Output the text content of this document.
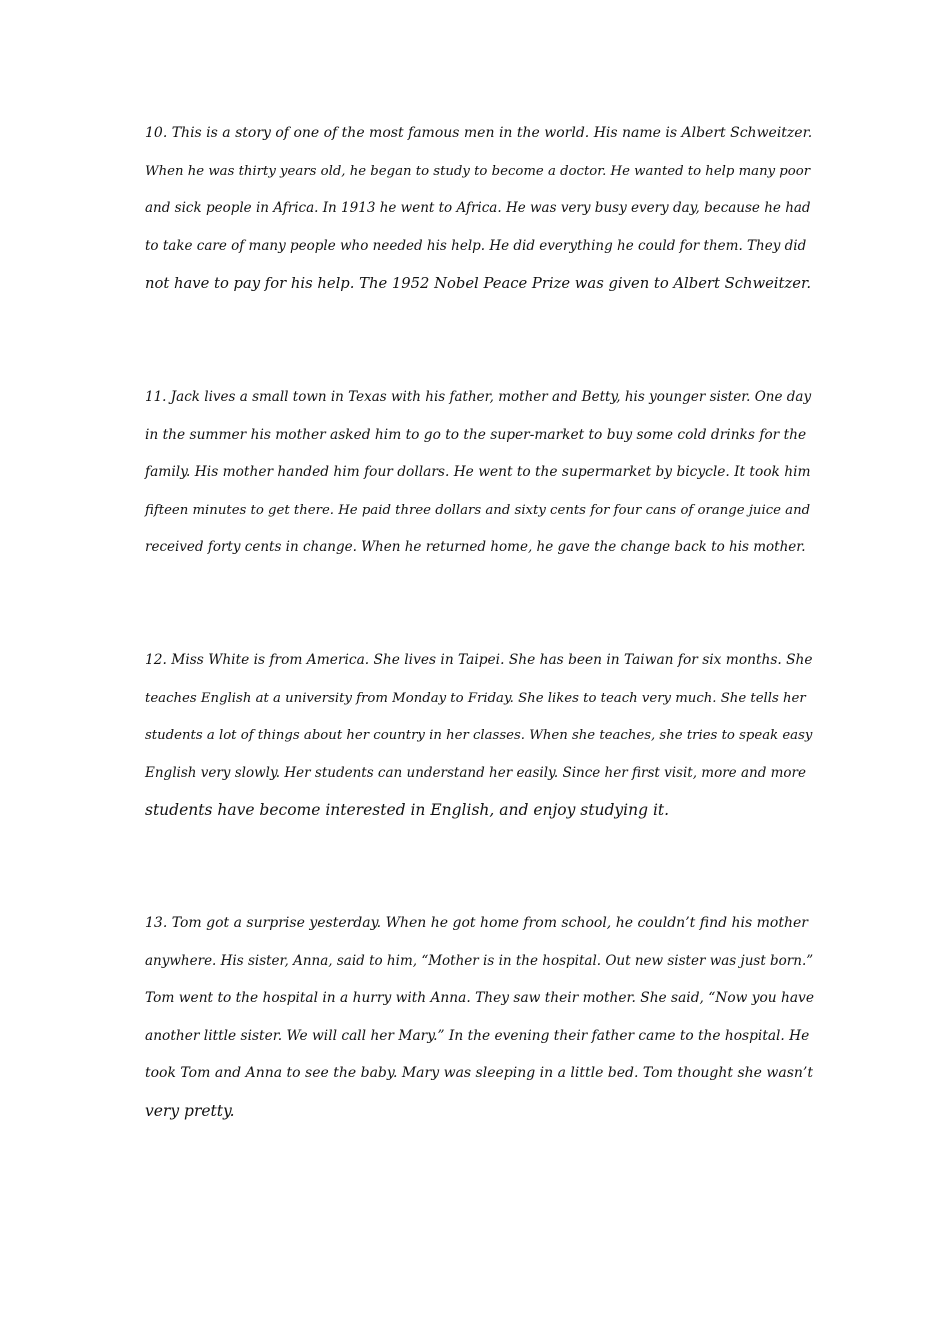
10. This is a story of one of the most famous men in the world. His name is Albert Schweitzer.
When he was thirty years old, he began to study to become a doctor. He wanted to help many poor
and sick people in Africa. In 1913 he went to Africa. He was very busy every day, because he had
to take care of many people who needed his help. He did everything he could for them. They did
not have to pay for his help. The 1952 Nobel Peace Prize was given to Albert Schweitzer.

11. Jack lives a small town in Texas with his father, mother and Betty, his younger sister. One day
in the summer his mother asked him to go to the super-market to buy some cold drinks for the
family. His mother handed him four dollars. He went to the supermarket by bicycle. It took him
fifteen minutes to get there. He paid three dollars and sixty cents for four cans of orange juice and
received forty cents in change. When he returned home, he gave the change back to his mother.

12. Miss White is from America. She lives in Taipei. She has been in Taiwan for six months. She
teaches English at a university from Monday to Friday. She likes to teach very much. She tells her
students a lot of things about her country in her classes. When she teaches, she tries to speak easy
English very slowly. Her students can understand her easily. Since her first visit, more and more
students have become interested in English, and enjoy studying it.

13. Tom got a surprise yesterday. When he got home from school, he couldn’t find his mother
anywhere. His sister, Anna, said to him, “Mother is in the hospital. Out new sister was just born.”
Tom went to the hospital in a hurry with Anna. They saw their mother. She said, “Now you have
another little sister. We will call her Mary.” In the evening their father came to the hospital. He
took Tom and Anna to see the baby. Mary was sleeping in a little bed. Tom thought she wasn’t
very pretty.
